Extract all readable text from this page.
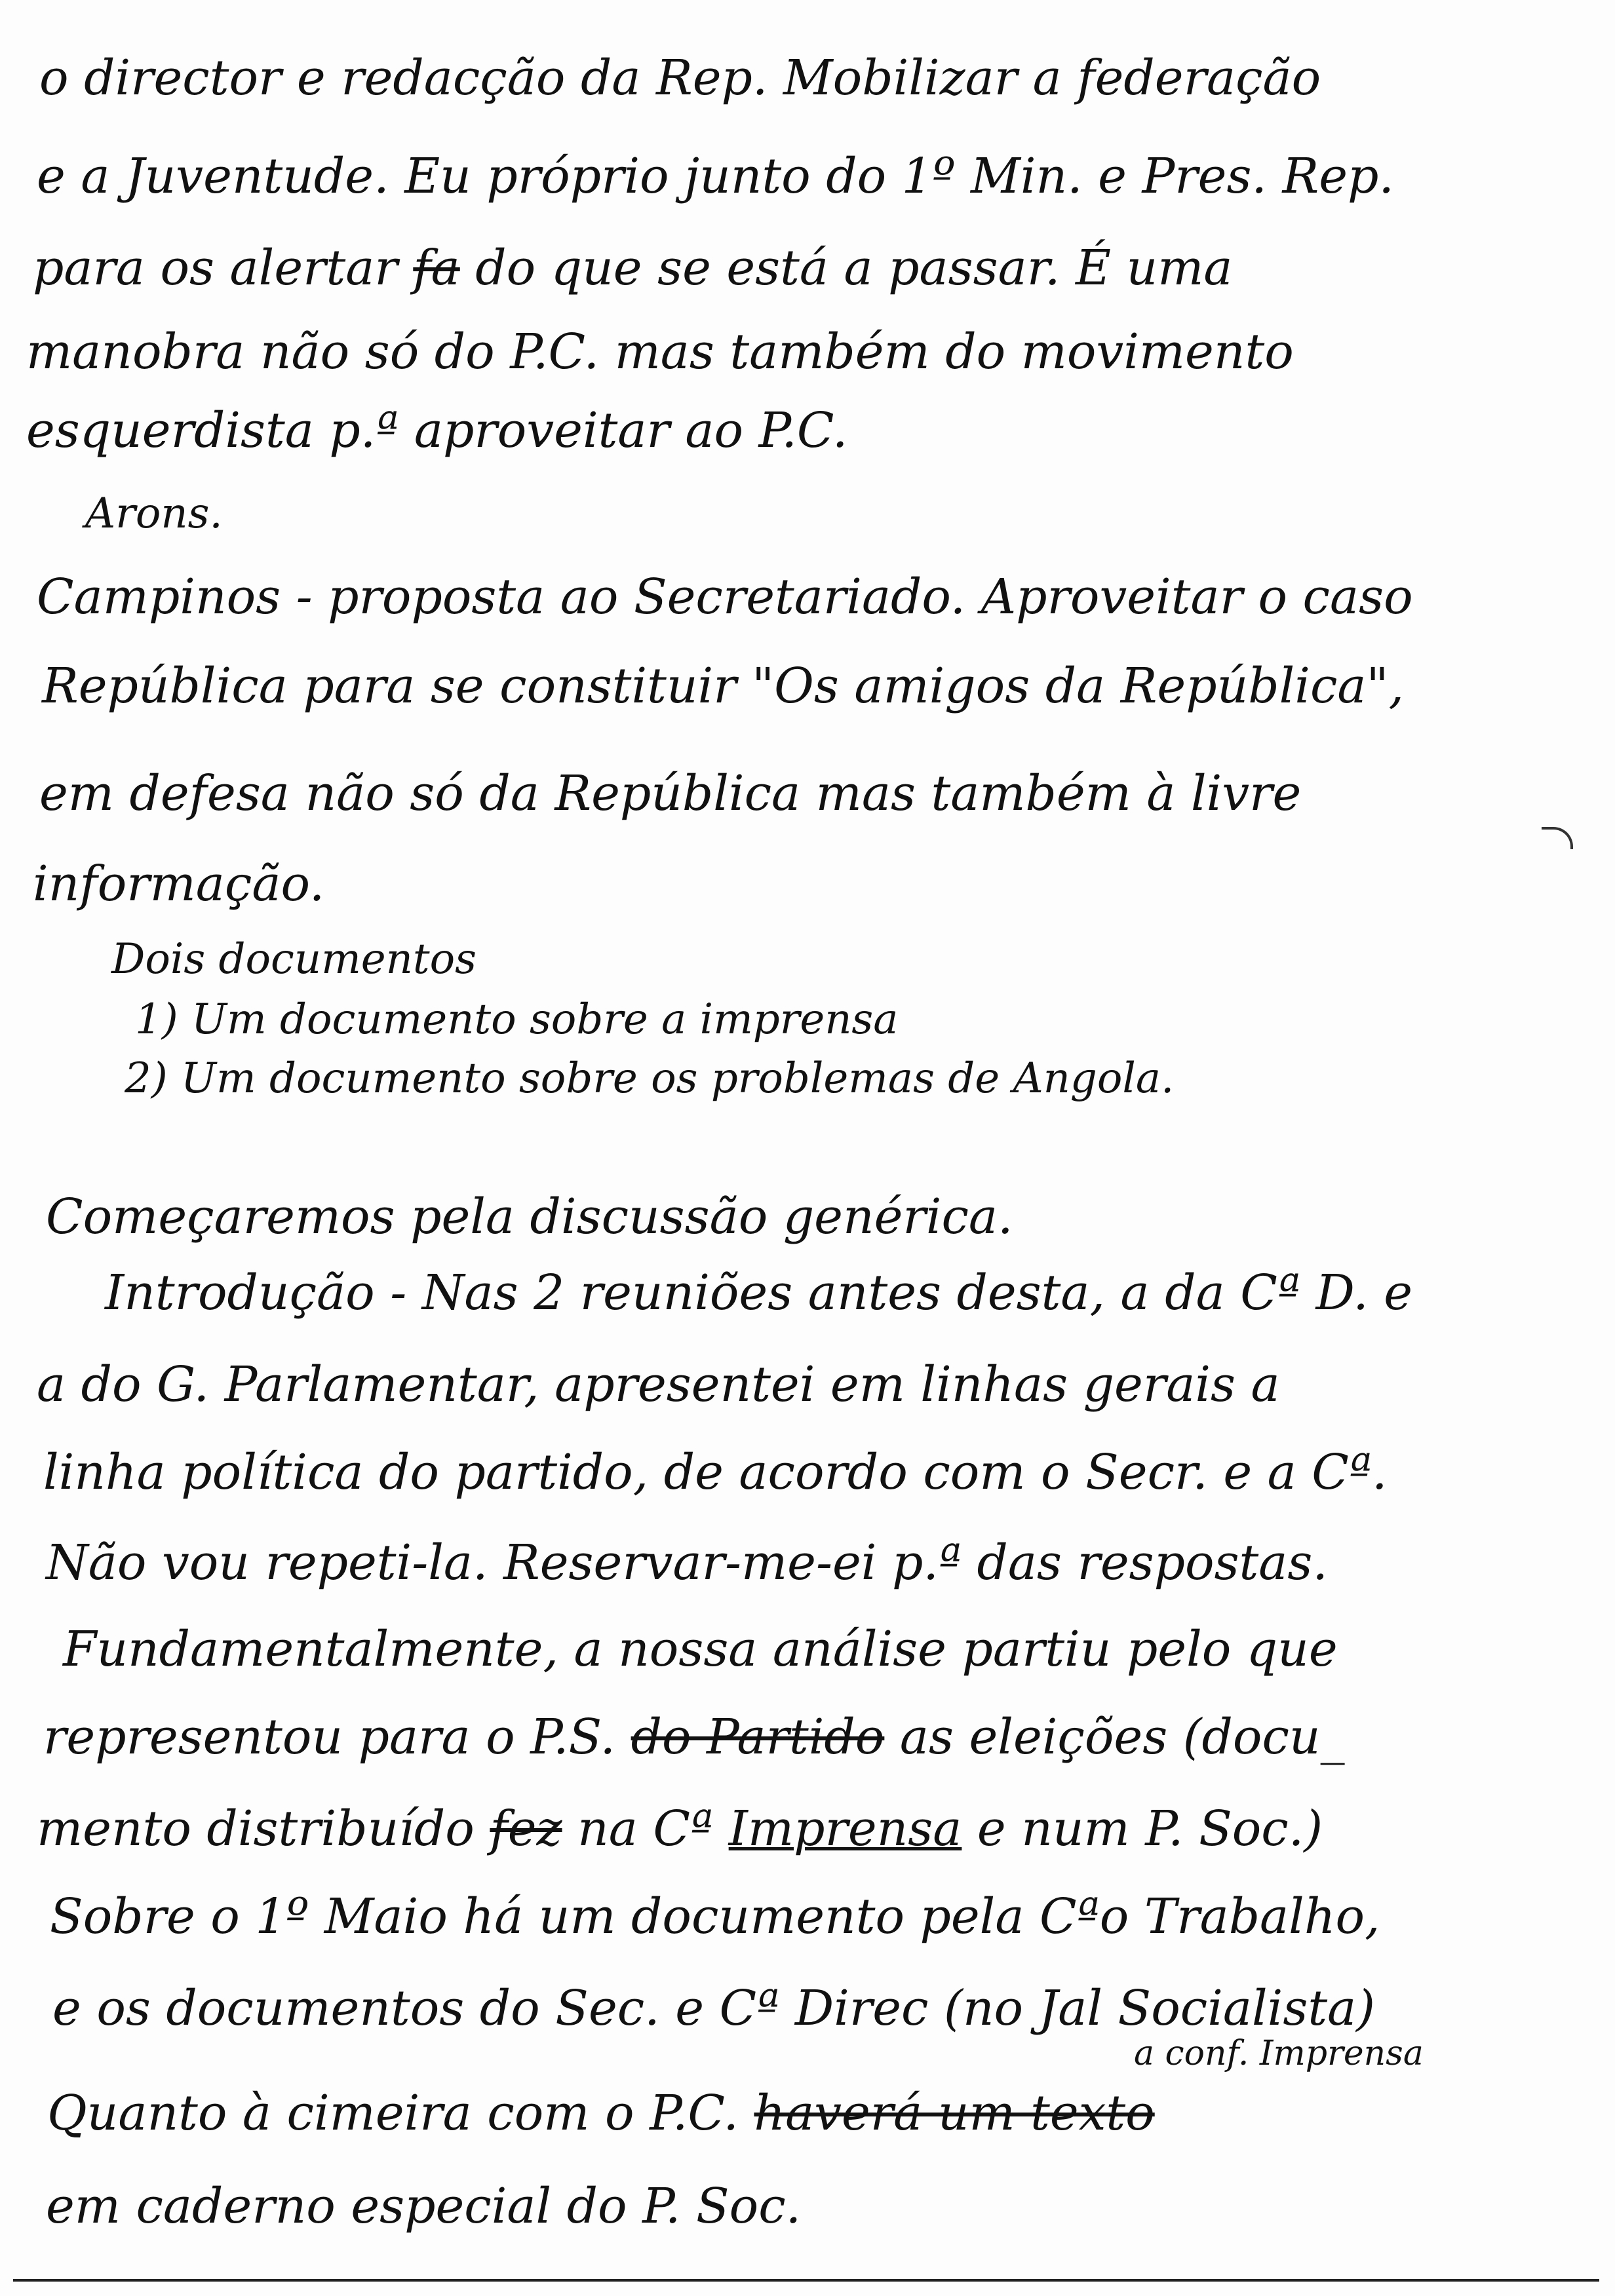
o director e redacção da Rep. Mobilizar a federação
e a Juventude. Eu próprio junto do 1º Min. e Pres. Rep.
para os alertar fa do que se está a passar. É uma
manobra não só do P.C. mas também do movimento
esquerdista p.ª aproveitar ao P.C.
Arons.
Campinos - proposta ao Secretariado. Aproveitar o caso
República para se constituir "Os amigos da República",
em defesa não só da República mas também à livre
informação.
Dois documentos
1) Um documento sobre a imprensa
2) Um documento sobre os problemas de Angola.
Começaremos pela discussão genérica.
Introdução - Nas 2 reuniões antes desta, a da Cª D. e
a do G. Parlamentar, apresentei em linhas gerais a
linha política do partido, de acordo com o Secr. e a Cª.
Não vou repeti-la. Reservar-me-ei p.ª das respostas.
Fundamentalmente, a nossa análise partiu pelo que
representou para o P.S. do Partido as eleições (docu_
mento distribuído fez na Cª Imprensa e num P. Soc.)
Sobre o 1º Maio há um documento pela Cªo Trabalho,
e os documentos do Sec. e Cª Direc (no Jal Socialista)
a conf. Imprensa
Quanto à cimeira com o P.C. haverá um texto
em caderno especial do P. Soc.
